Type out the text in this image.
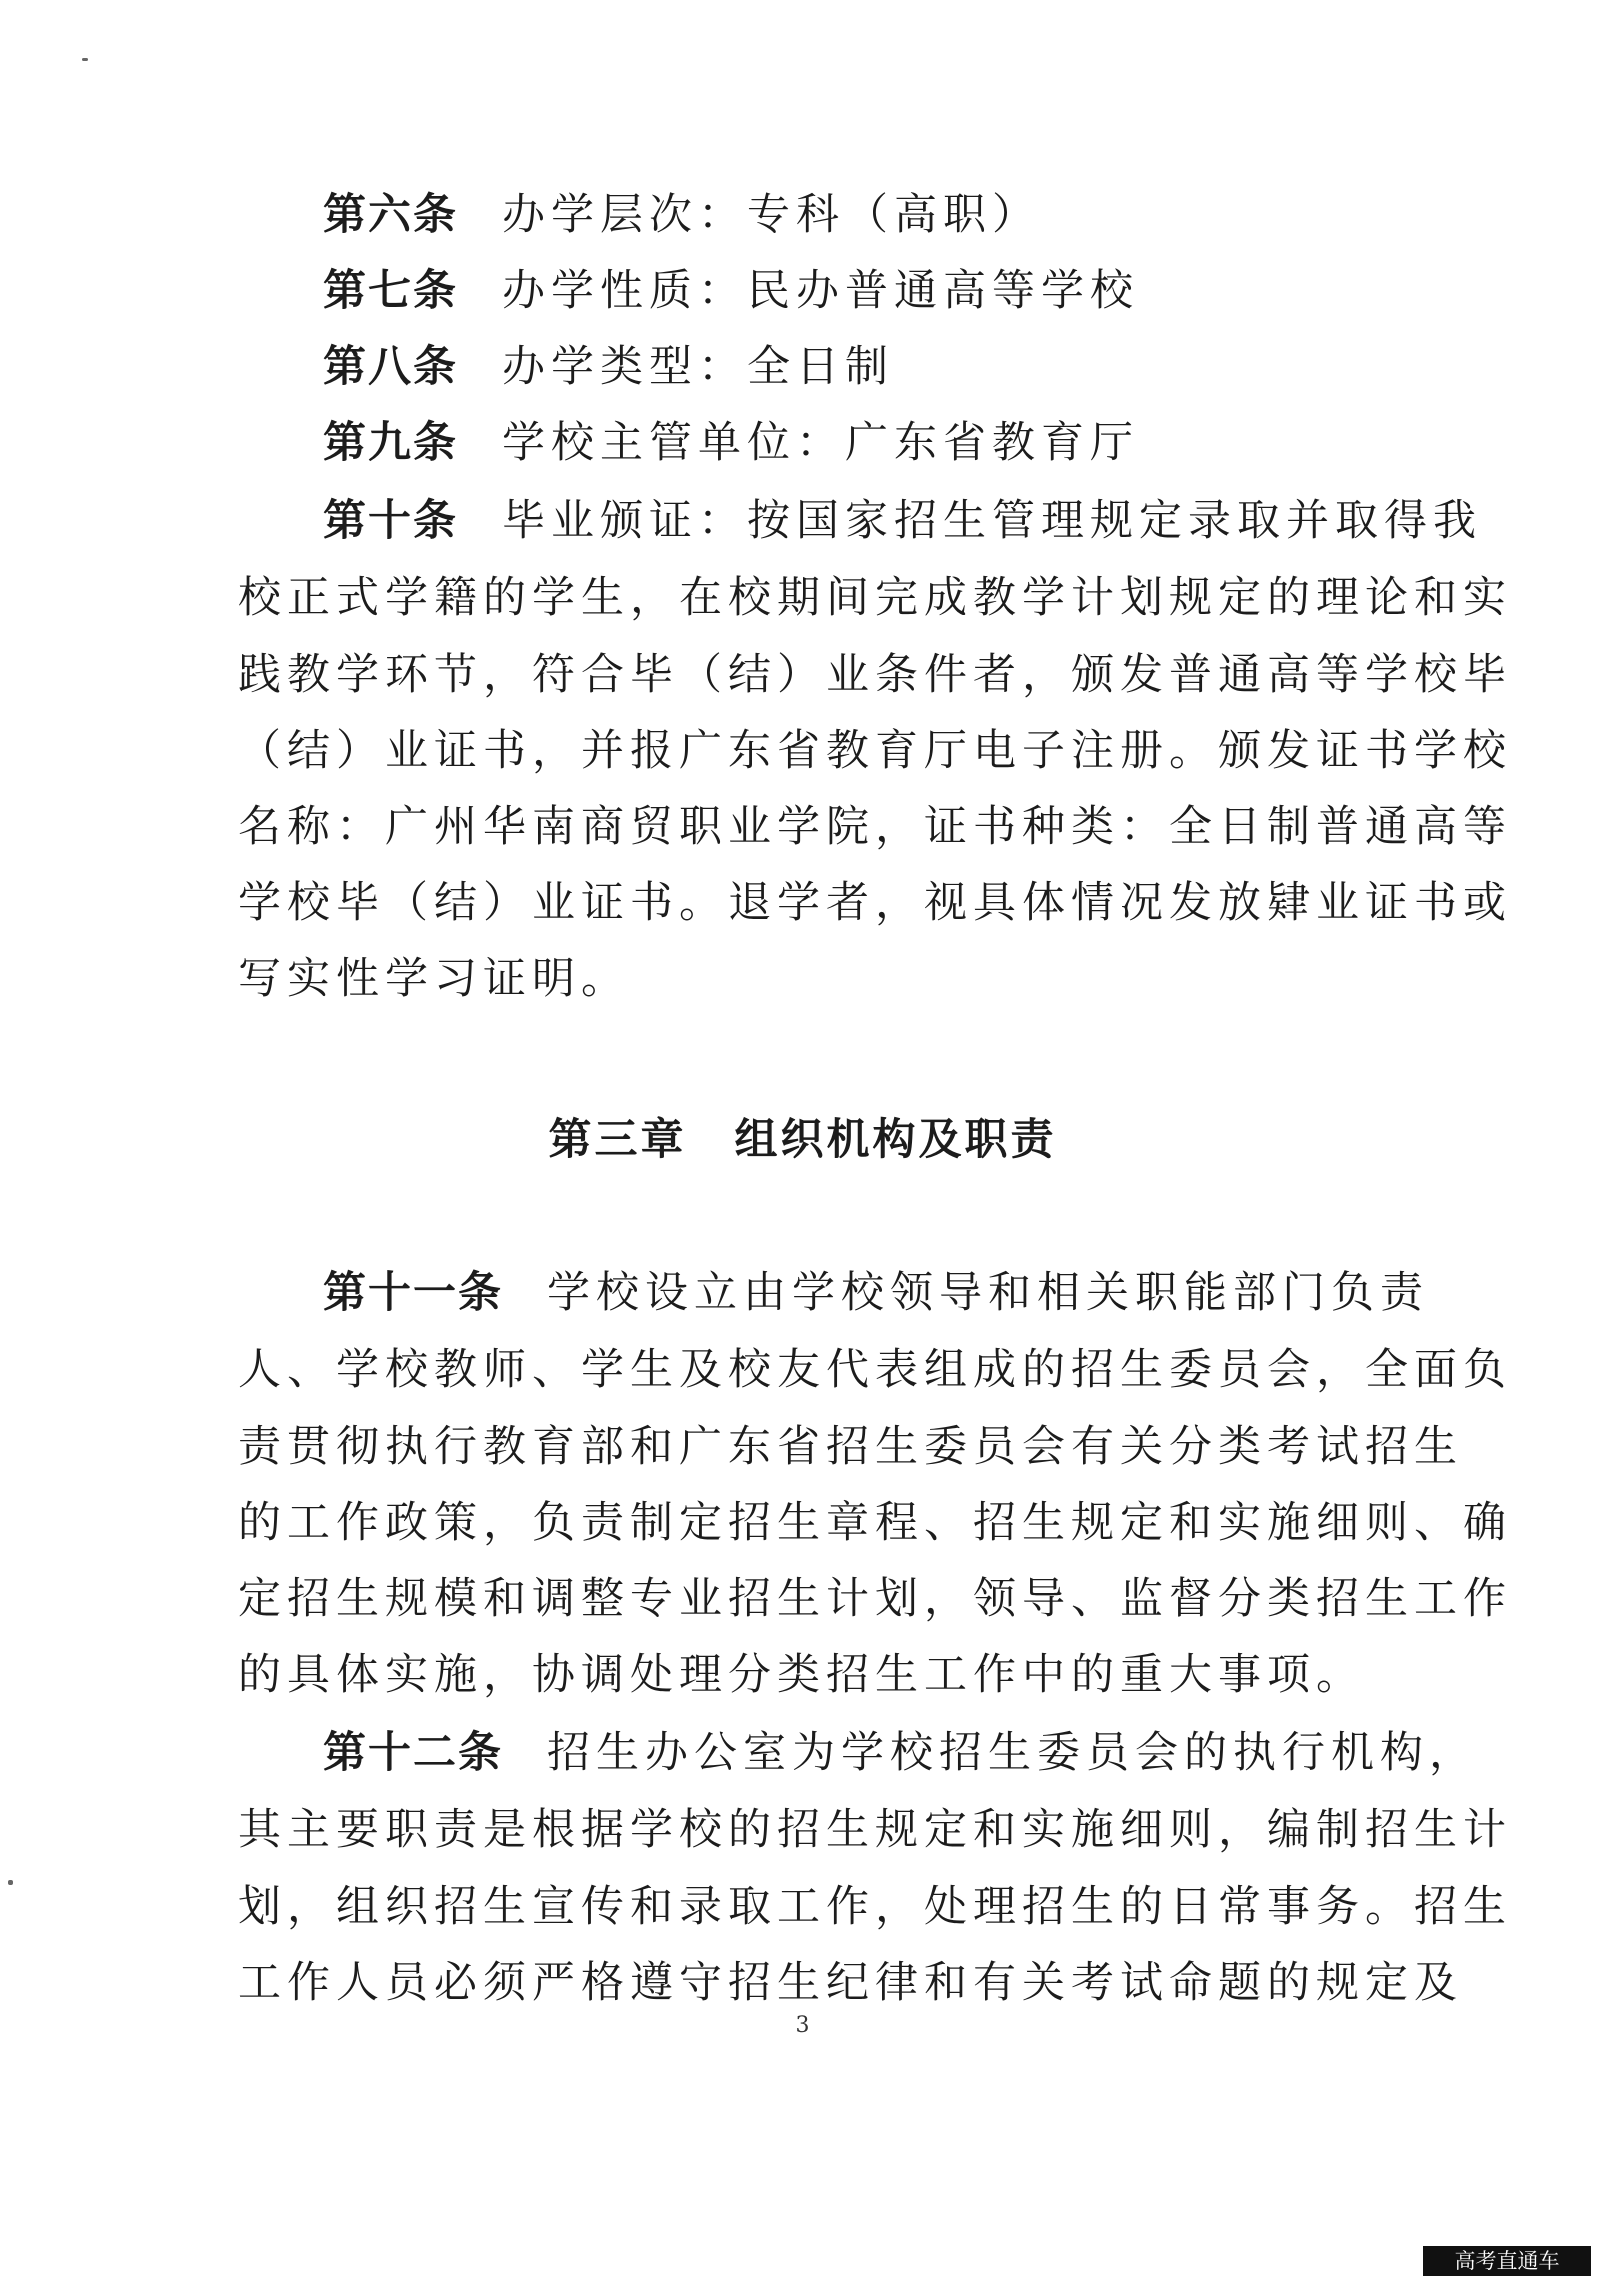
第六条 办学层次：专科（高职）
第七条 办学性质：民办普通高等学校
第八条 办学类型：全日制
第九条 学校主管单位：广东省教育厅
第十条 毕业颁证：按国家招生管理规定录取并取得我
校正式学籍的学生，在校期间完成教学计划规定的理论和实
践教学环节，符合毕（结）业条件者，颁发普通高等学校毕
（结）业证书，并报广东省教育厅电子注册。颁发证书学校
名称：广州华南商贸职业学院，证书种类：全日制普通高等
学校毕（结）业证书。退学者，视具体情况发放肄业证书或
写实性学习证明。
第三章 组织机构及职责
第十一条 学校设立由学校领导和相关职能部门负责
人、学校教师、学生及校友代表组成的招生委员会，全面负
责贯彻执行教育部和广东省招生委员会有关分类考试招生
的工作政策，负责制定招生章程、招生规定和实施细则、确
定招生规模和调整专业招生计划，领导、监督分类招生工作
的具体实施，协调处理分类招生工作中的重大事项。
第十二条 招生办公室为学校招生委员会的执行机构，
其主要职责是根据学校的招生规定和实施细则，编制招生计
划，组织招生宣传和录取工作，处理招生的日常事务。招生
工作人员必须严格遵守招生纪律和有关考试命题的规定及
3
高考直通车
